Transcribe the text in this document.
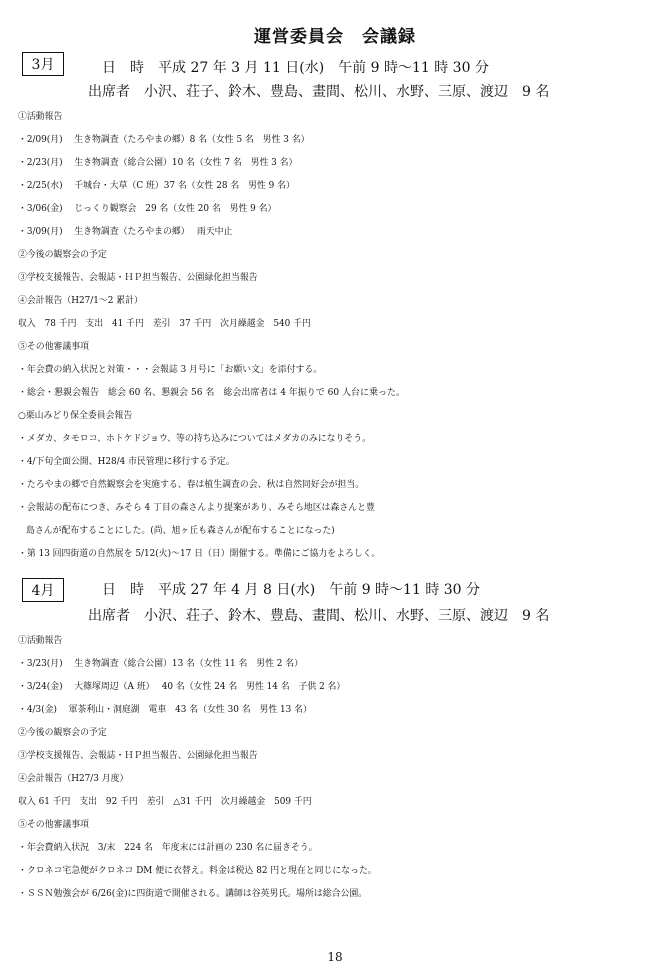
運営委員会　会議録
3月	日　時　平成 27 年 3 月 11 日(水)　午前 9 時～11 時 30 分
出席者　小沢、荘子、鈴木、豊島、畫間、松川、水野、三原、渡辺　9 名
①活動報告
・2/09(月)　 生き物調査（たろやまの郷）8 名（女性 5 名　男性 3 名）
・2/23(月)　 生き物調査（総合公園）10 名（女性 7 名　男性 3 名）
・2/25(水)　 千城台・大草（C 班）37 名（女性 28 名　男性 9 名）
・3/06(金)　 じっくり観察会　29 名（女性 20 名　男性 9 名）
・3/09(月)　 生き物調査（たろやまの郷）　 雨天中止
②今後の観察会の予定
③学校支援報告、会報誌・ＨＰ担当報告、公園緑化担当報告
④会計報告（H27/1～2 累計）
収入　78 千円　支出　41 千円　差引　37 千円　次月繰越金　540 千円
⑤その他審議事項
・年会費の納入状況と対策・・・会報誌 3 月号に「お願い文」を添付する。
・総会・懇親会報告　総会 60 名、懇親会 56 名　総会出席者は 4 年振りで 60 人台に乗った。
○栗山みどり保全委員会報告
・メダカ、タモロコ、ホトケドジョウ、等の持ち込みについてはメダカのみになりそう。
・4/下旬全面公開、H28/4 市民管理に移行する予定。
・たろやまの郷で自然観察会を実施する、春は植生調査の会、秋は自然同好会が担当。
・会報誌の配布につき、みそら 4 丁目の森さんより提案があり、みそら地区は森さんと豊
島さんが配布することにした。(尚、旭ヶ丘も森さんが配布することになった)
・第 13 回四街道の自然展を 5/12(火)～17 日（日）開催する。準備にご協力をよろしく。
4月	日　時　平成 27 年 4 月 8 日(水)　午前 9 時～11 時 30 分
出席者　小沢、荘子、鈴木、豊島、畫間、松川、水野、三原、渡辺　9 名
①活動報告
・3/23(月)　 生き物調査（総合公園）13 名（女性 11 名　男性 2 名）
・3/24(金)　 大篠塚周辺（A 班）　 40 名（女性 24 名　男性 14 名　子供 2 名）
・4/3(金)　 軍茶利山・洞庭湖　電車　43 名（女性 30 名　男性 13 名）
②今後の観察会の予定
③学校支援報告、会報誌・ＨＰ担当報告、公園緑化担当報告
④会計報告（H27/3 月度）
収入 61 千円　支出　92 千円　差引　△31 千円　次月繰越金　509 千円
⑤その他審議事項
・年会費納入状況　3/末　224 名　年度末には計画の 230 名に届きそう。
・クロネコ宅急便がクロネコ DM 便に衣替え。料金は税込 82 円と現在と同じになった。
・ＳＳＮ勉強会が 6/26(金)に四街道で開催される。講師は谷英男氏。場所は総合公園。
18
